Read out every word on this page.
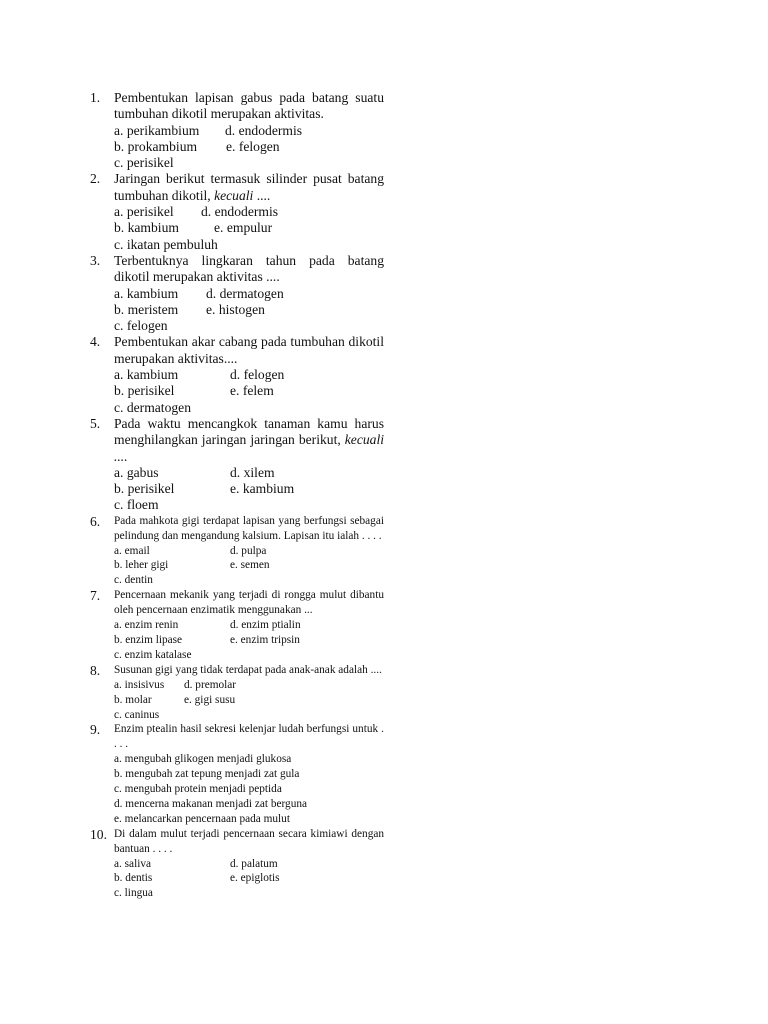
1. Pembentukan lapisan gabus pada batang suatu tumbuhan dikotil merupakan aktivitas.
a. perikambium d. endodermis
b. prokambium e. felogen
c. perisikel
2. Jaringan berikut termasuk silinder pusat batang tumbuhan dikotil, kecuali ....
a. perisikel d. endodermis
b. kambium	e. empulur
c. ikatan pembuluh
3. Terbentuknya lingkaran tahun pada batang dikotil merupakan aktivitas ....
a. kambium d. dermatogen
b. meristem e. histogen
c. felogen
4. Pembentukan akar cabang pada tumbuhan dikotil merupakan aktivitas....
a. kambium	d. felogen
b. perisikel	e. felem
c. dermatogen
5. Pada waktu mencangkok tanaman kamu harus menghilangkan jaringan jaringan berikut, kecuali ....
a. gabus	d. xilem
b. perisikel	e. kambium
c. floem
6. Pada mahkota gigi terdapat lapisan yang berfungsi sebagai pelindung dan mengandung kalsium. Lapisan itu ialah . . . .
a. email	d. pulpa
b. leher gigi	e. semen
c. dentin
7. Pencernaan mekanik yang terjadi di rongga mulut dibantu oleh pencernaan enzimatik menggunakan ...
a. enzim renin	d. enzim ptialin
b. enzim lipase	e. enzim tripsin
c. enzim katalase
8. Susunan gigi yang tidak terdapat pada anak-anak adalah ....
a. insisivus d. premolar
b. molar	e. gigi susu
c. caninus
9. Enzim ptealin hasil sekresi kelenjar ludah berfungsi untuk . . . .
a. mengubah glikogen menjadi glukosa
b. mengubah zat tepung menjadi zat gula
c. mengubah protein menjadi peptida
d. mencerna makanan menjadi zat berguna
e. melancarkan pencernaan pada mulut
10. Di dalam mulut terjadi pencernaan secara kimiawi dengan bantuan . . . .
a. saliva	d. palatum
b. dentis	e. epiglotis
c. lingua
